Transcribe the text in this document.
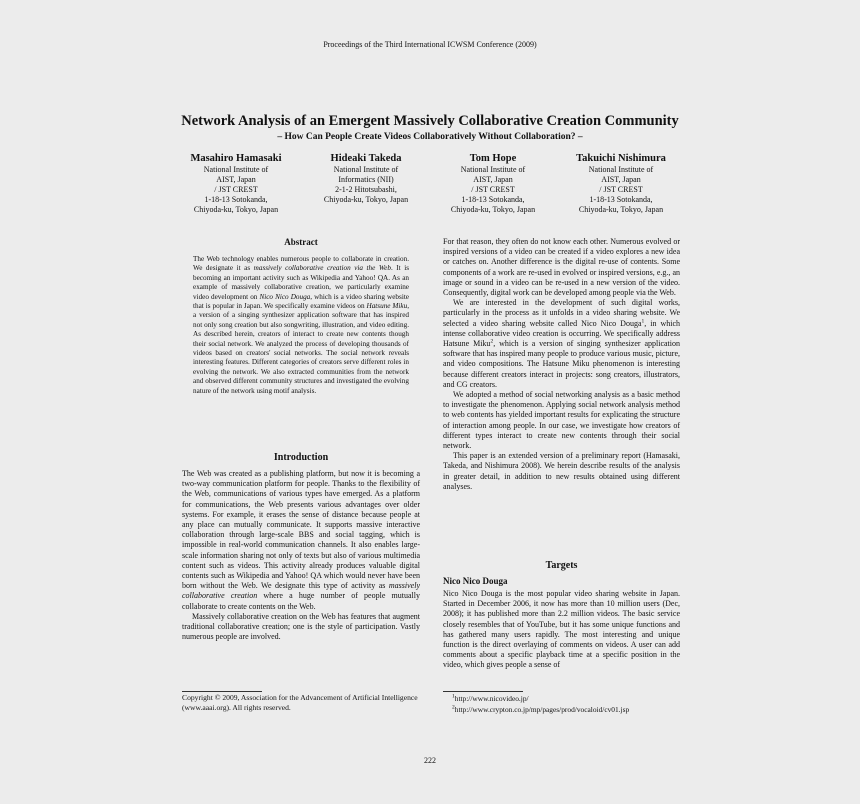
Proceedings of the Third International ICWSM Conference (2009)
Network Analysis of an Emergent Massively Collaborative Creation Community
– How Can People Create Videos Collaboratively Without Collaboration? –
Masahiro Hamasaki
National Institute of
AIST, Japan
/ JST CREST
1-18-13 Sotokanda,
Chiyoda-ku, Tokyo, Japan
Hideaki Takeda
National Institute of
Informatics (NII)
2-1-2 Hitotsubashi,
Chiyoda-ku, Tokyo, Japan
Tom Hope
National Institute of
AIST, Japan
/ JST CREST
1-18-13 Sotokanda,
Chiyoda-ku, Tokyo, Japan
Takuichi Nishimura
National Institute of
AIST, Japan
/ JST CREST
1-18-13 Sotokanda,
Chiyoda-ku, Tokyo, Japan
Abstract

The Web technology enables numerous people to collaborate in creation. We designate it as massively collaborative creation via the Web. It is becoming an important activity such as Wikipedia and Yahoo! QA. As an example of massively collaborative creation, we particularly examine video development on Nico Nico Douga, which is a video sharing website that is popular in Japan. We specifically examine videos on Hatsune Miku, a version of a singing synthesizer application software that has inspired not only song creation but also songwriting, illustration, and video editing. As described herein, creators of interact to create new contents though their social network. We analyzed the process of developing thousands of videos based on creators' social networks. The social network reveals interesting features. Different categories of creators serve different roles in evolving the network. We also extracted communities from the network and observed different community structures and investigated the evolving nature of the network using motif analysis.

Introduction

The Web was created as a publishing platform, but now it is becoming a two-way communication platform for people. Thanks to the flexibility of the Web, communications of various types have emerged. As a platform for communications, the Web presents various advantages over older systems. For example, it erases the sense of distance because people at any place can mutually communicate. It supports massive interactive collaboration through large-scale BBS and social tagging, which is impossible in real-world communication channels. It also enables large-scale information sharing not only of texts but also of various multimedia content such as videos. This activity already produces valuable digital contents such as Wikipedia and Yahoo! QA which would never have been born without the Web. We designate this type of activity as massively collaborative creation where a huge number of people mutually collaborate to create contents on the Web.

Massively collaborative creation on the Web has features that augment traditional collaborative creation; one is the style of participation. Vastly numerous people are involved.

For that reason, they often do not know each other. Numerous evolved or inspired versions of a video can be created if a video explores a new idea or catches on. Another difference is the digital re-use of contents. Some components of a work are re-used in evolved or inspired versions, e.g., an image or sound in a video can be re-used in a new version of the video. Consequently, digital work can be developed among people via the Web.

We are interested in the development of such digital works, particularly in the process as it unfolds in a video sharing website. We selected a video sharing website called Nico Nico Douga$^1$, in which intense collaborative video creation is occurring. We specifically address Hatsune Miku$^2$, which is a version of singing synthesizer application software that has inspired many people to produce various music, picture, and video compositions. The Hatsune Miku phenomenon is interesting because different creators interact in projects: song creators, illustrators, and CG creators.

We adopted a method of social networking analysis as a basic method to investigate the phenomenon. Applying social network analysis method to web contents has yielded important results for explicating the structure of interaction among people. In our case, we investigate how creators of different types interact to create new contents through their social network.

This paper is an extended version of a preliminary report (Hamasaki, Takeda, and Nishimura 2008). We herein describe results of the analysis in greater detail, in addition to new results obtained using different analyses.

Targets
Nico Nico Douga

Nico Nico Douga is the most popular video sharing website in Japan. Started in December 2006, it now has more than 10 million users (Dec, 2008); it has published more than 2.2 million videos. The basic service closely resembles that of YouTube, but it has some unique functions and has gathered many users rapidly. The most interesting and unique function is the direct overlaying of comments on videos. A user can add comments about a specific playback time at a specific position in the video, which gives people a sense of

Copyright © 2009, Association for the Advancement of Artificial Intelligence (www.aaai.org). All rights reserved.
$^1$http://www.nicovideo.jp/
$^2$http://www.crypton.co.jp/mp/pages/prod/vocaloid/cv01.jsp
222
